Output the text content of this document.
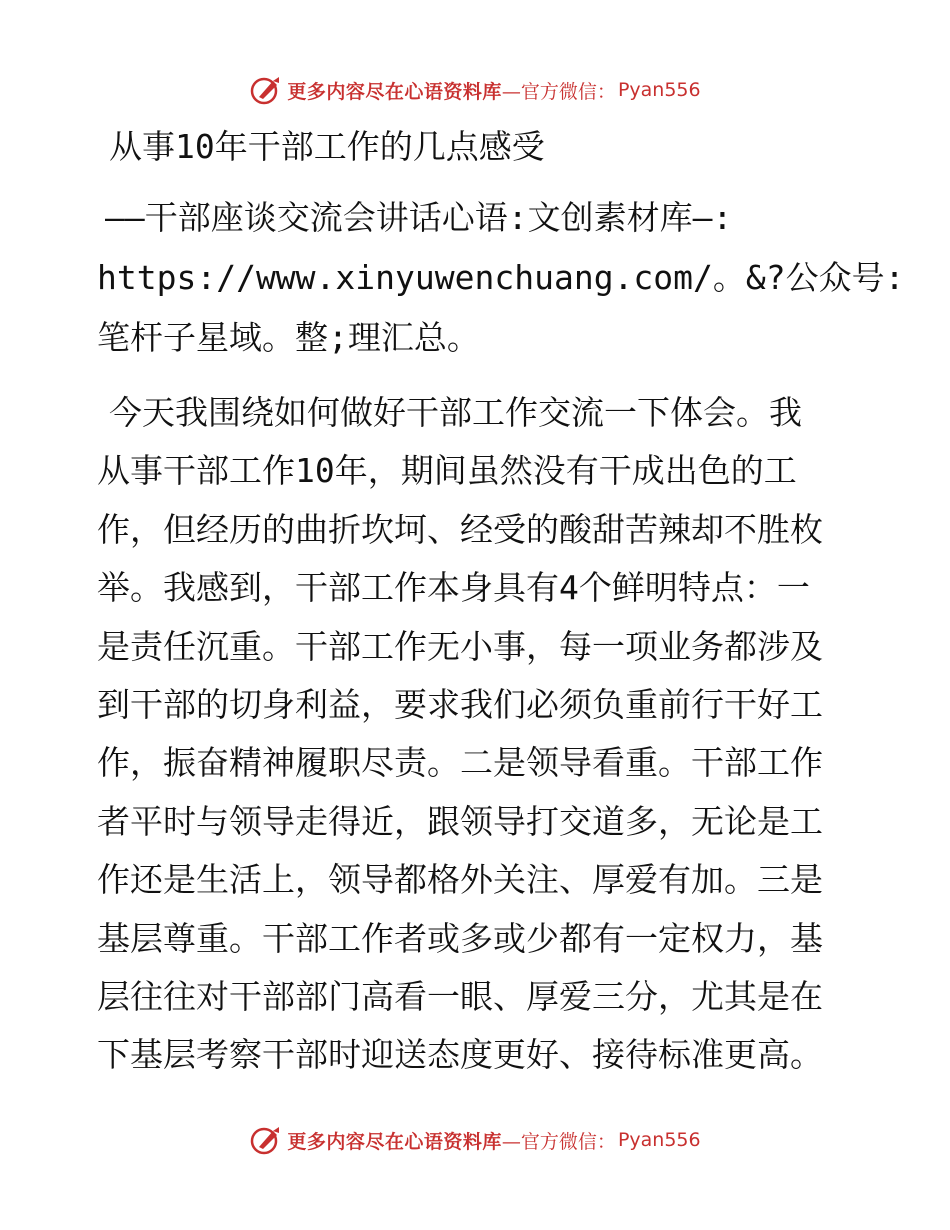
更多内容尽在心语资料库 —官方微信： Pyan556
从事10年干部工作的几点感受
——干部座谈交流会讲话心语:文创素材库—:
https://www.xinyuwenchuang.com/。&?公众号:
笔杆子星域。整;理汇总。
今天我围绕如何做好干部工作交流一下体会。我
从事干部工作10年，期间虽然没有干成出色的工
作，但经历的曲折坎坷、经受的酸甜苦辣却不胜枚
举。我感到，干部工作本身具有4个鲜明特点：一
是责任沉重。干部工作无小事，每一项业务都涉及
到干部的切身利益，要求我们必须负重前行干好工
作，振奋精神履职尽责。二是领导看重。干部工作
者平时与领导走得近，跟领导打交道多，无论是工
作还是生活上，领导都格外关注、厚爱有加。三是
基层尊重。干部工作者或多或少都有一定权力，基
层往往对干部部门高看一眼、厚爱三分，尤其是在
下基层考察干部时迎送态度更好、接待标准更高。
更多内容尽在心语资料库 —官方微信： Pyan556
